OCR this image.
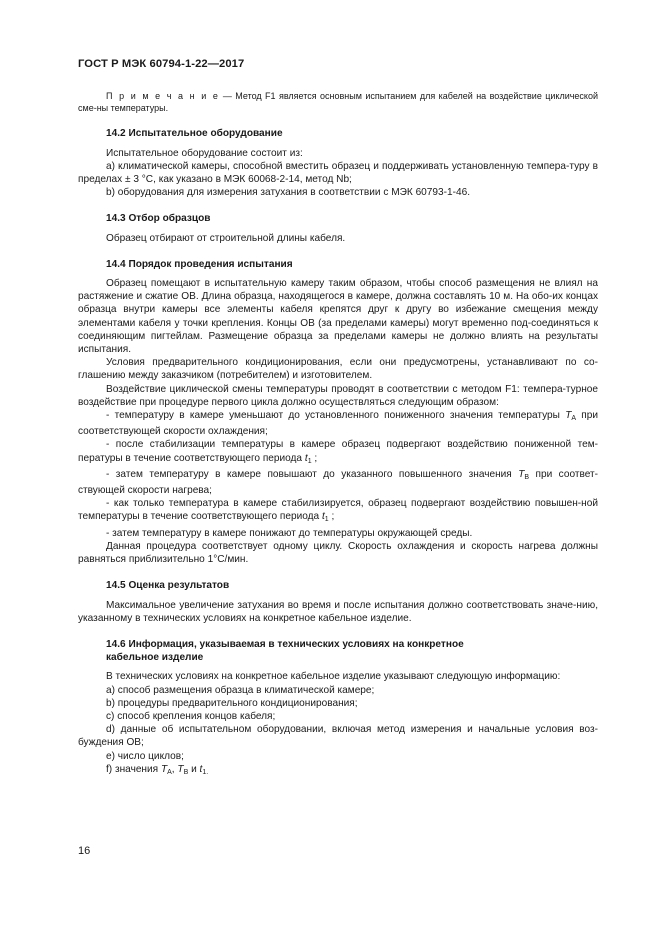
ГОСТ Р МЭК 60794-1-22—2017

П р и м е ч а н и е — Метод F1 является основным испытанием для кабелей на воздействие циклической сме-ны температуры.

14.2 Испытательное оборудование

Испытательное оборудование состоит из:

a) климатической камеры, способной вместить образец и поддерживать установленную темпера-туру в пределах ± 3 °С, как указано в МЭК 60068-2-14, метод Nb;

b) оборудования для измерения затухания в соответствии с МЭК 60793-1-46.

14.3 Отбор образцов

Образец отбирают от строительной длины кабеля.

14.4 Порядок проведения испытания

Образец помещают в испытательную камеру таким образом, чтобы способ размещения не влиял на растяжение и сжатие ОВ. Длина образца, находящегося в камере, должна составлять 10 м. На обо-их концах образца внутри камеры все элементы кабеля крепятся друг к другу во избежание смещения между элементами кабеля у точки крепления. Концы ОВ (за пределами камеры) могут временно под-соединяться к соединяющим пигтейлам. Размещение образца за пределами камеры не должно влиять на результаты испытания.

Условия предварительного кондиционирования, если они предусмотрены, устанавливают по со-глашению между заказчиком (потребителем) и изготовителем.

Воздействие циклической смены температуры проводят в соответствии с методом F1: темпера-турное воздействие при процедуре первого цикла должно осуществляться следующим образом:

- температуру в камере уменьшают до установленного пониженного значения температуры $T_A$ при соответствующей скорости охлаждения;

- после стабилизации температуры в камере образец подвергают воздействию пониженной тем-пературы в течение соответствующего периода $t_1$ ;

- затем температуру в камере повышают до указанного повышенного значения $T_B$ при соответ-ствующей скорости нагрева;

- как только температура в камере стабилизируется, образец подвергают воздействию повышен-ной температуры в течение соответствующего периода $t_1$ ;

- затем температуру в камере понижают до температуры окружающей среды.

Данная процедура соответствует одному циклу. Скорость охлаждения и скорость нагрева должны равняться приблизительно 1°С/мин.

14.5 Оценка результатов

Максимальное увеличение затухания во время и после испытания должно соответствовать значе-нию, указанному в технических условиях на конкретное кабельное изделие.

14.6 Информация, указываемая в технических условиях на конкретное

кабельное изделие

В технических условиях на конкретное кабельное изделие указывают следующую информацию:

a) способ размещения образца в климатической камере;

b) процедуры предварительного кондиционирования;

c) способ крепления концов кабеля;

d) данные об испытательном оборудовании, включая метод измерения и начальные условия воз-буждения ОВ;

e) число циклов;

f) значения $T_A$, $T_B$ и $t_{1.}$

16
